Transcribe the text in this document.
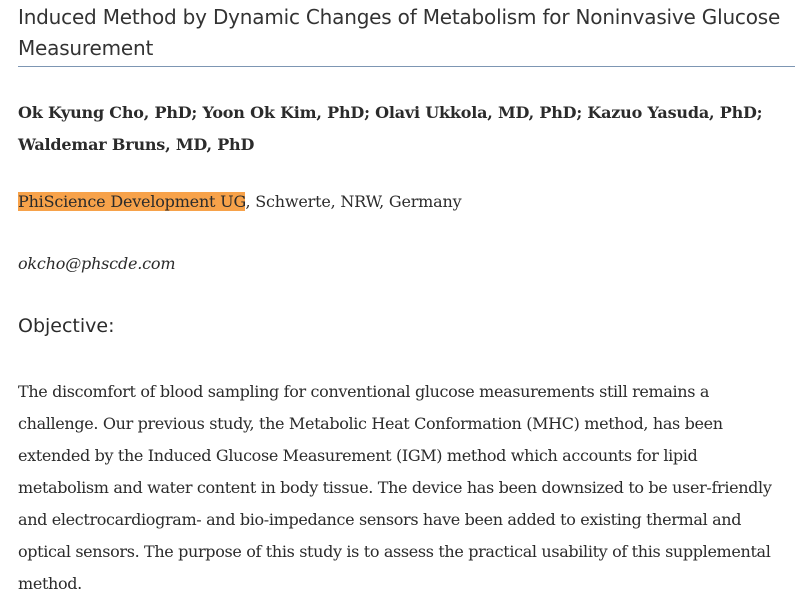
Induced Method by Dynamic Changes of Metabolism for Noninvasive Glucose Measurement

Ok Kyung Cho, PhD; Yoon Ok Kim, PhD; Olavi Ukkola, MD, PhD; Kazuo Yasuda, PhD; Waldemar Bruns, MD, PhD

PhiScience Development UG, Schwerte, NRW, Germany

okcho@phscde.com

Objective:

The discomfort of blood sampling for conventional glucose measurements still remains a challenge. Our previous study, the Metabolic Heat Conformation (MHC) method, has been extended by the Induced Glucose Measurement (IGM) method which accounts for lipid metabolism and water content in body tissue. The device has been downsized to be user-friendly and electrocardiogram- and bio-impedance sensors have been added to existing thermal and optical sensors. The purpose of this study is to assess the practical usability of this supplemental method.
